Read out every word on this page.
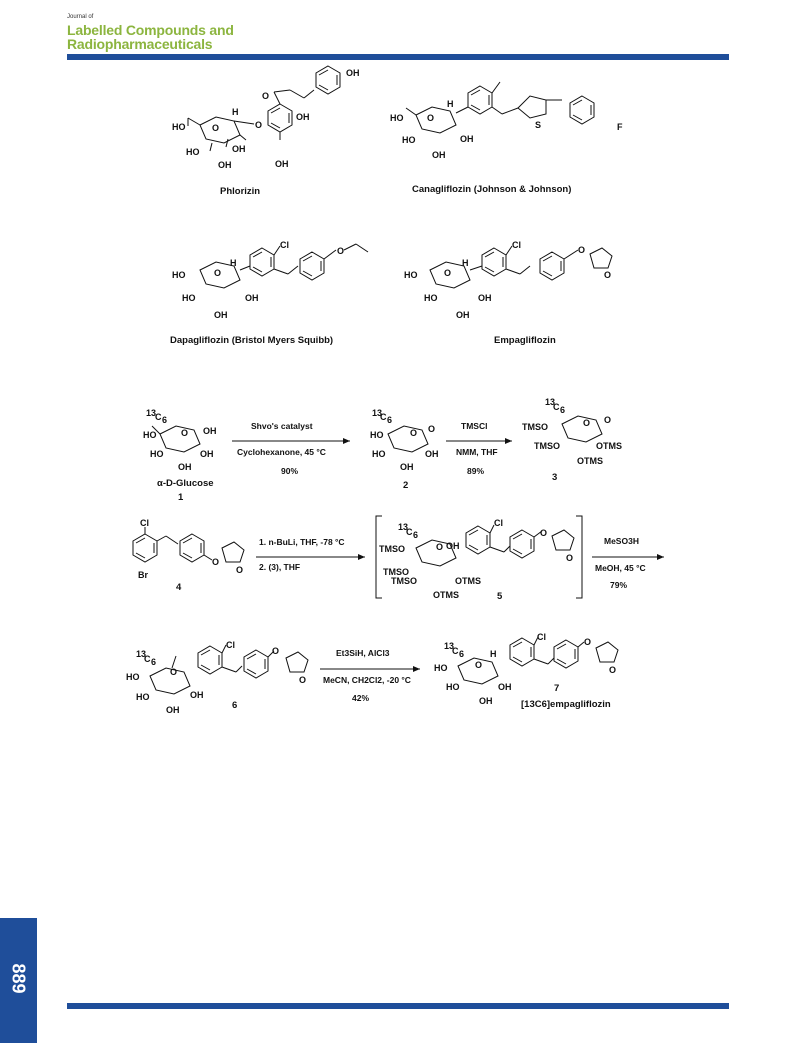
Journal of
Labelled Compounds and
Radiopharmaceuticals
O
O
H
O
HO
HO	OH
OH
OH
OH
OH
Phlorizin
HO	O
H
HO	OH
OH
S	F
Canagliflozin (Johnson & Johnson)
Cl
O
HO	O
H
HO	OH
OH
Dapagliflozin (Bristol Myers Squibb)
Cl	O
O
HO	O
H
HO	OH
OH
Empagliflozin
13
C 6
HO	O OH
HO	OH
OH
α-D-Glucose
1
Shvo's catalyst
Cyclohexanone, 45 °C
90%
13
C 6
HO	O O
HO	OH
OH
2
TMSCl
NMM, THF
89%
13
C 6
TMSO	O O
TMSO	OTMS
OTMS
3
Cl
Br
O
O
4
1. n-BuLi, THF, -78 °C
2. (3), THF
13
C 6
TMSO	O OH
TMSO
TMSO	OTMS
OTMS
Cl
O
O
5
MeSO3H
MeOH, 45 °C
79%
13
C 6
O
HO
HO	OH
OH
Cl
O
O
6
Et3SiH, AlCl3
MeCN, CH2Cl2, -20 °C
42%
13
C 6
HO	O
H
HO	OH
OH
Cl	O
O
7
[13C6]empagliflozin
889
